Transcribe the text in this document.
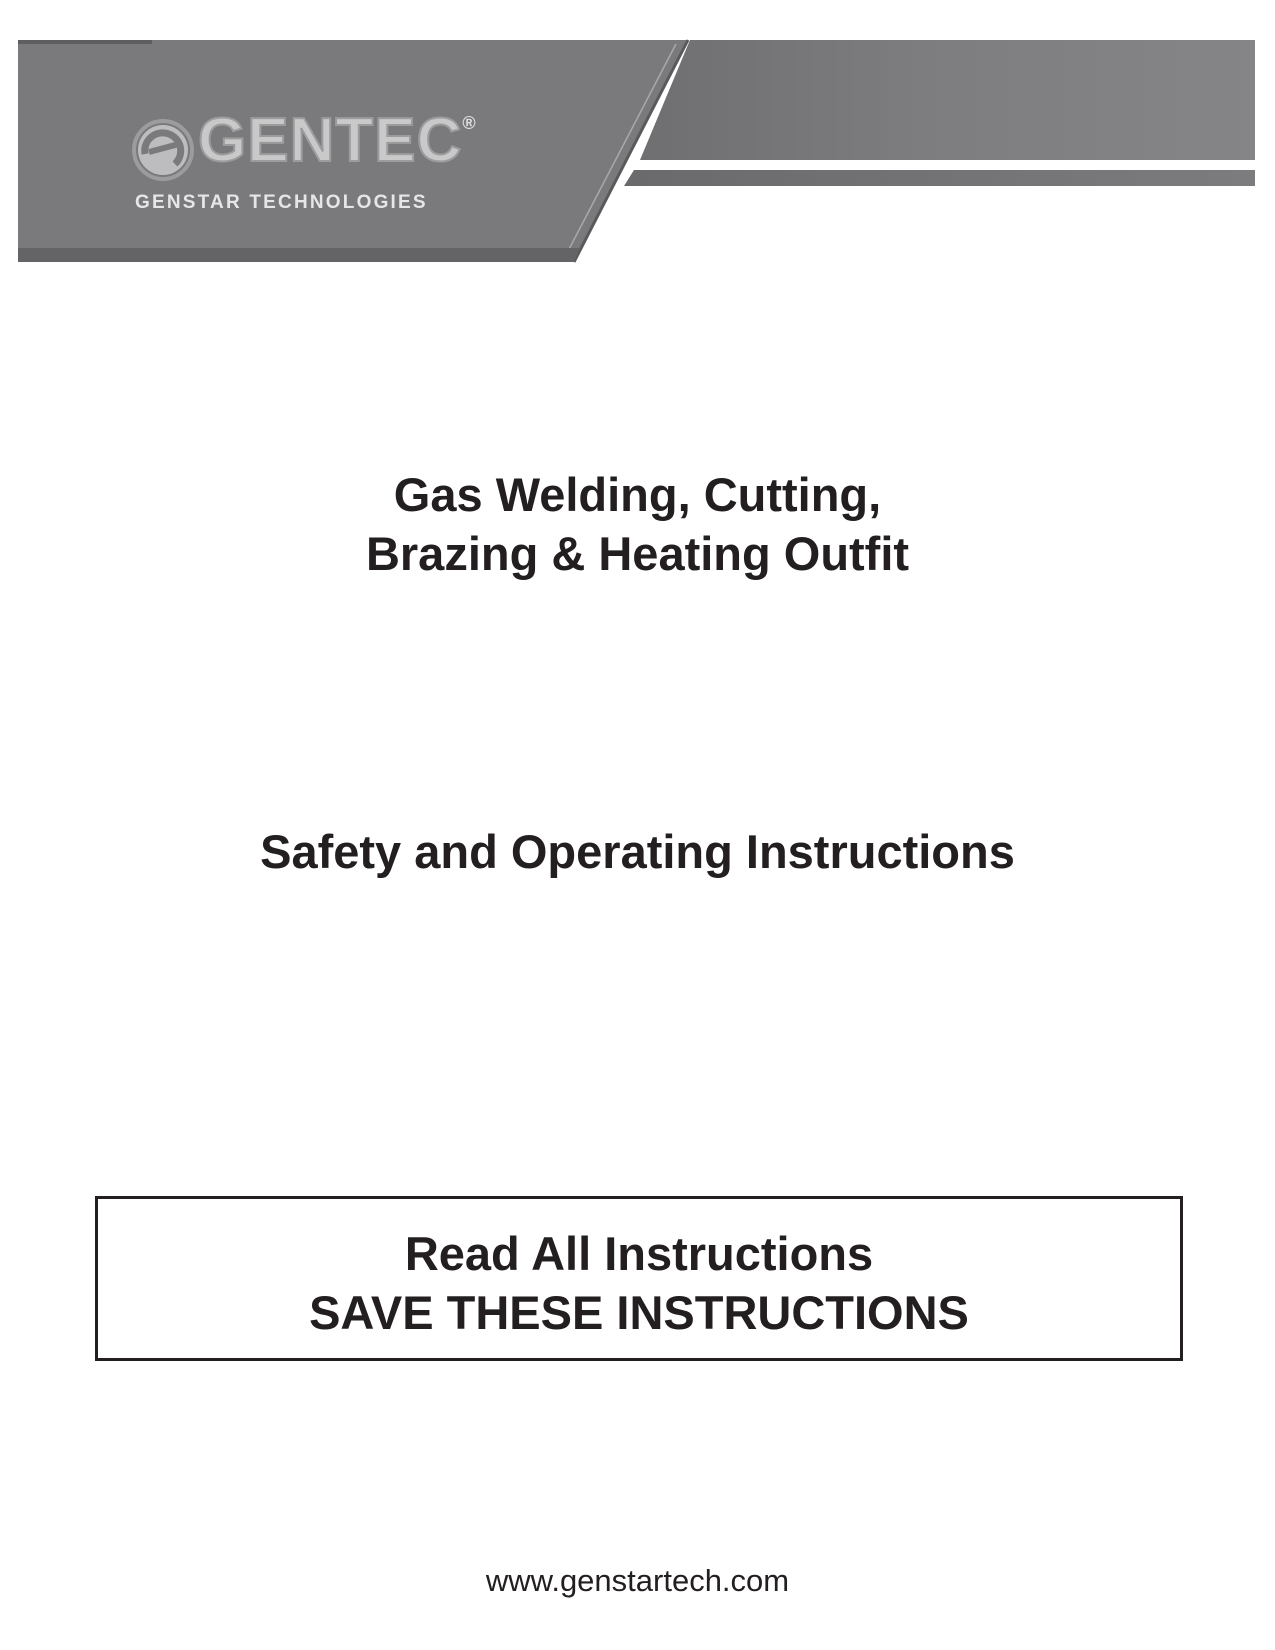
GENTEC®
GENSTAR TECHNOLOGIES
Gas Welding, Cutting,
Brazing & Heating Outfit
Safety and Operating Instructions
Read All Instructions
SAVE THESE INSTRUCTIONS
www.genstartech.com
